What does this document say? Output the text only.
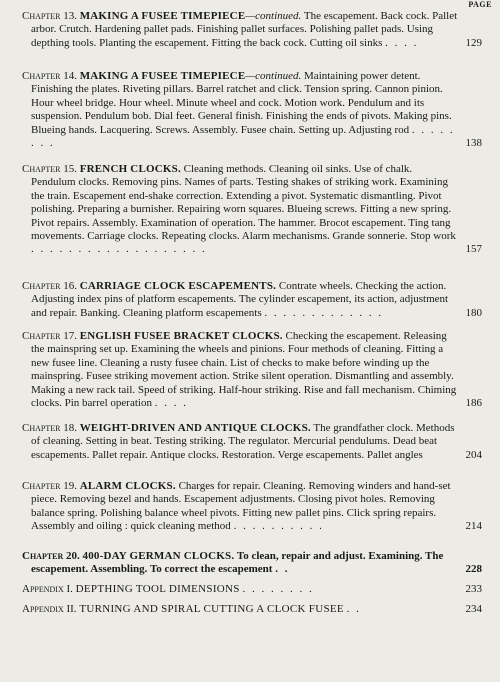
PAGE
Chapter 13. MAKING A FUSEE TIMEPIECE—continued. The escapement. Back cock. Pallet arbor. Crutch. Hardening pallet pads. Finishing pallet surfaces. Polishing pallet pads. Using depthing tools. Planting the escapement. Fitting the back cock. Cutting oil sinks . . . .	129
Chapter 14. MAKING A FUSEE TIMEPIECE—continued. Maintaining power detent. Finishing the plates. Riveting pillars. Barrel ratchet and click. Tension spring. Cannon pinion. Hour wheel bridge. Hour wheel. Minute wheel and cock. Motion work. Pendulum and its suspension. Pendulum bob. Dial feet. General finish. Finishing the ends of pivots. Making pins. Blueing hands. Lacquering. Screws. Assembly. Fusee chain. Setting up. Adjusting rod . . . . . . . .	138
Chapter 15. FRENCH CLOCKS. Cleaning methods. Cleaning oil sinks. Use of chalk. Pendulum clocks. Removing pins. Names of parts. Testing shakes of striking work. Examining the train. Escapement end-shake correction. Extending a pivot. Systematic dismantling. Pivot polishing. Preparing a burnisher. Repairing worn squares. Blueing screws. Fitting a new spring. Pivot repairs. Assembly. Examination of operation. The hammer. Brocot escapement. Ting tang movements. Carriage clocks. Repeating clocks. Alarm mechanisms. Grande sonnerie. Stop work . . . . . . . . . . . . . . . . . . .	157
Chapter 16. CARRIAGE CLOCK ESCAPEMENTS. Contrate wheels. Checking the action. Adjusting index pins of platform escapements. The cylinder escapement, its action, adjustment and repair. Banking. Cleaning platform escapements . . . . . . . . . . . . .	180
Chapter 17. ENGLISH FUSEE BRACKET CLOCKS. Checking the escapement. Releasing the mainspring set up. Examining the wheels and pinions. Four methods of cleaning. Fitting a new fusee line. Cleaning a rusty fusee chain. List of checks to make before winding up the mainspring. Fusee striking movement action. Strike silent operation. Dismantling and assembly. Making a new rack tail. Speed of striking. Half-hour striking. Rise and fall mechanism. Chiming clocks. Pin barrel operation . . . .	186
Chapter 18. WEIGHT-DRIVEN AND ANTIQUE CLOCKS. The grandfather clock. Methods of cleaning. Setting in beat. Testing striking. The regulator. Mercurial pendulums. Dead beat escapements. Pallet repair. Antique clocks. Restoration. Verge escapements. Pallet angles	204
Chapter 19. ALARM CLOCKS. Charges for repair. Cleaning. Removing winders and hand-set piece. Removing bezel and hands. Escapement adjustments. Closing pivot holes. Removing balance spring. Polishing balance wheel pivots. Fitting new pallet pins. Click spring repairs. Assembly and oiling : quick cleaning method . . . . . . . . . .	214
Chapter 20. 400-DAY GERMAN CLOCKS. To clean, repair and adjust. Examining. The escapement. Assembling. To correct the escapement . .	228
Appendix I. DEPTHING TOOL DIMENSIONS . . . . . . . .	233
Appendix II. TURNING AND SPIRAL CUTTING A CLOCK FUSEE . .	234
